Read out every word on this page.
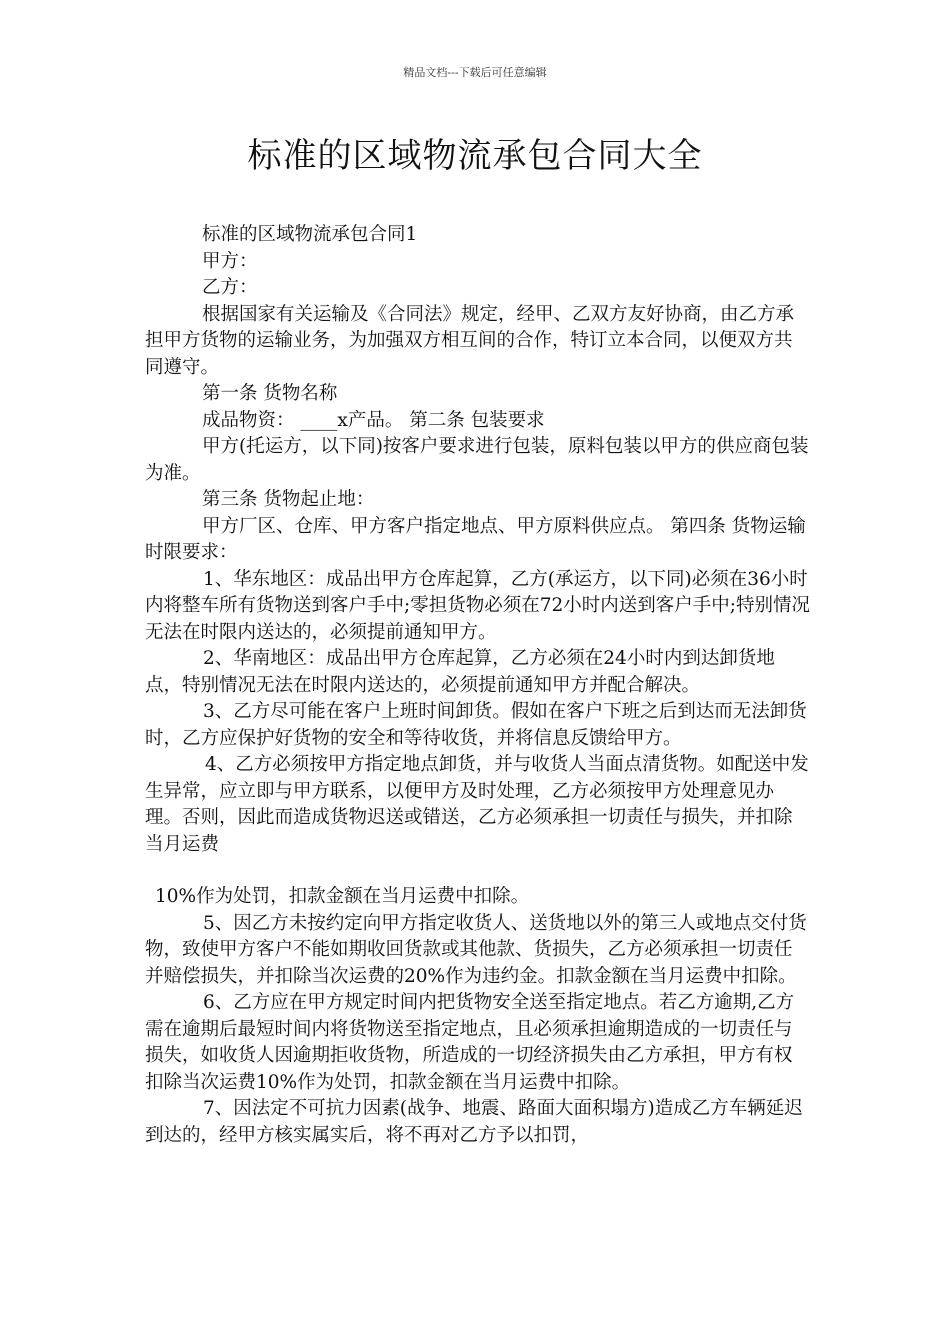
精品文档---下载后可任意编辑
标准的区域物流承包合同大全

标准的区域物流承包合同1

甲方：

乙方：

根据国家有关运输及《合同法》规定，经甲、乙双方友好协商，由乙方承担甲方货物的运输业务，为加强双方相互间的合作，特订立本合同，以便双方共同遵守。

第一条 货物名称

成品物资： ____x产品。 第二条 包装要求

甲方(托运方，以下同)按客户要求进行包装，原料包装以甲方的供应商包装为准。

第三条 货物起止地：

甲方厂区、仓库、甲方客户指定地点、甲方原料供应点。 第四条 货物运输时限要求：

1、华东地区：成品出甲方仓库起算，乙方(承运方，以下同)必须在36小时内将整车所有货物送到客户手中;零担货物必须在72小时内送到客户手中;特别情况无法在时限内送达的，必须提前通知甲方。

2、华南地区：成品出甲方仓库起算，乙方必须在24小时内到达卸货地点，特别情况无法在时限内送达的，必须提前通知甲方并配合解决。

3、乙方尽可能在客户上班时间卸货。假如在客户下班之后到达而无法卸货时，乙方应保护好货物的安全和等待收货，并将信息反馈给甲方。

4、乙方必须按甲方指定地点卸货，并与收货人当面点清货物。如配送中发生异常，应立即与甲方联系，以便甲方及时处理，乙方必须按甲方处理意见办理。否则，因此而造成货物迟送或错送，乙方必须承担一切责任与损失，并扣除当月运费

10%作为处罚，扣款金额在当月运费中扣除。

5、因乙方未按约定向甲方指定收货人、送货地以外的第三人或地点交付货物，致使甲方客户不能如期收回货款或其他款、货损失，乙方必须承担一切责任并赔偿损失，并扣除当次运费的20%作为违约金。扣款金额在当月运费中扣除。

6、乙方应在甲方规定时间内把货物安全送至指定地点。若乙方逾期,乙方需在逾期后最短时间内将货物送至指定地点，且必须承担逾期造成的一切责任与损失，如收货人因逾期拒收货物，所造成的一切经济损失由乙方承担，甲方有权扣除当次运费10%作为处罚，扣款金额在当月运费中扣除。

7、因法定不可抗力因素(战争、地震、路面大面积塌方)造成乙方车辆延迟到达的，经甲方核实属实后，将不再对乙方予以扣罚，
